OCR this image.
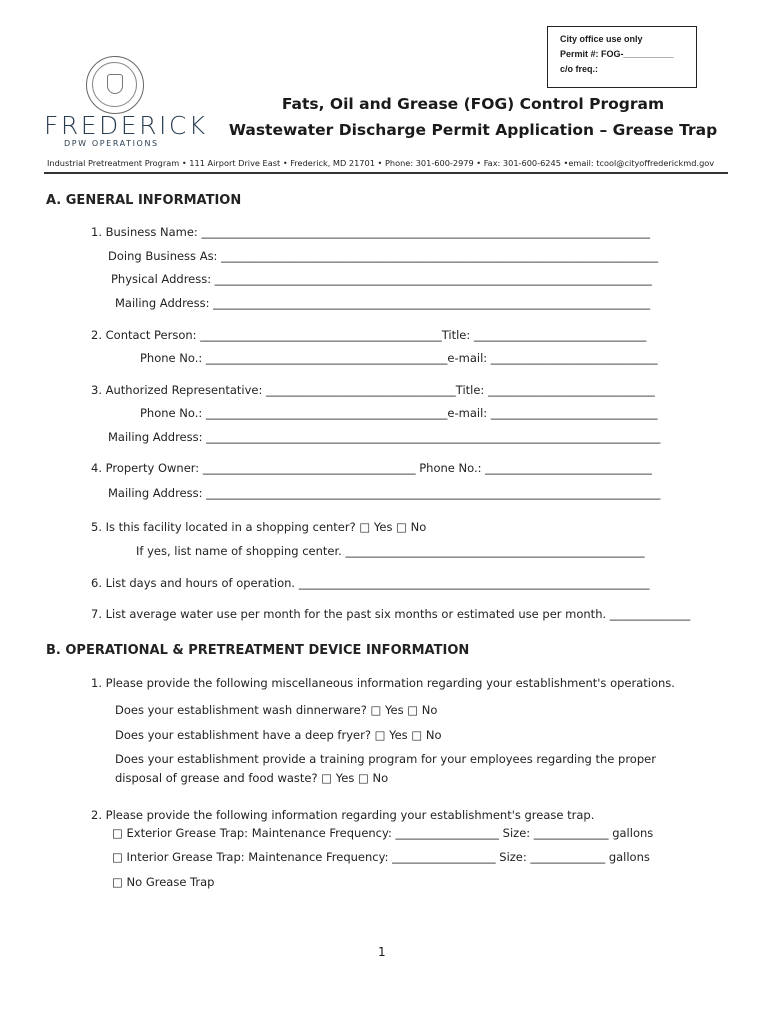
City office use only
Permit #: FOG-__________
c/o freq.:
FREDERICK
DPW OPERATIONS
Fats, Oil and Grease (FOG) Control Program
Wastewater Discharge Permit Application – Grease Trap
Industrial Pretreatment Program • 111 Airport Drive East • Frederick, MD 21701 • Phone: 301-600-2979 • Fax: 301-600-6245 •email: tcool@cityoffrederickmd.gov
A. GENERAL INFORMATION
1. Business Name: ______________________________________________________________________________
Doing Business As: ____________________________________________________________________________
Physical Address: ____________________________________________________________________________
Mailing Address: ____________________________________________________________________________
2. Contact Person: __________________________________________Title: ______________________________
Phone No.: __________________________________________e-mail: _____________________________
3. Authorized Representative: _________________________________Title: _____________________________
Phone No.: __________________________________________e-mail: _____________________________
Mailing Address: _______________________________________________________________________________
4. Property Owner: _____________________________________ Phone No.: _____________________________
Mailing Address: _______________________________________________________________________________
5. Is this facility located in a shopping center? □ Yes □ No
If yes, list name of shopping center. ____________________________________________________
6. List days and hours of operation. _____________________________________________________________
7. List average water use per month for the past six months or estimated use per month. ______________
B. OPERATIONAL & PRETREATMENT DEVICE INFORMATION
1. Please provide the following miscellaneous information regarding your establishment's operations.
Does your establishment wash dinnerware? □ Yes □ No
Does your establishment have a deep fryer? □ Yes □ No
Does your establishment provide a training program for your employees regarding the proper
disposal of grease and food waste? □ Yes □ No
2. Please provide the following information regarding your establishment's grease trap.
□ Exterior Grease Trap: Maintenance Frequency: __________________ Size: _____________ gallons
□ Interior Grease Trap: Maintenance Frequency: __________________ Size: _____________ gallons
□ No Grease Trap
1
